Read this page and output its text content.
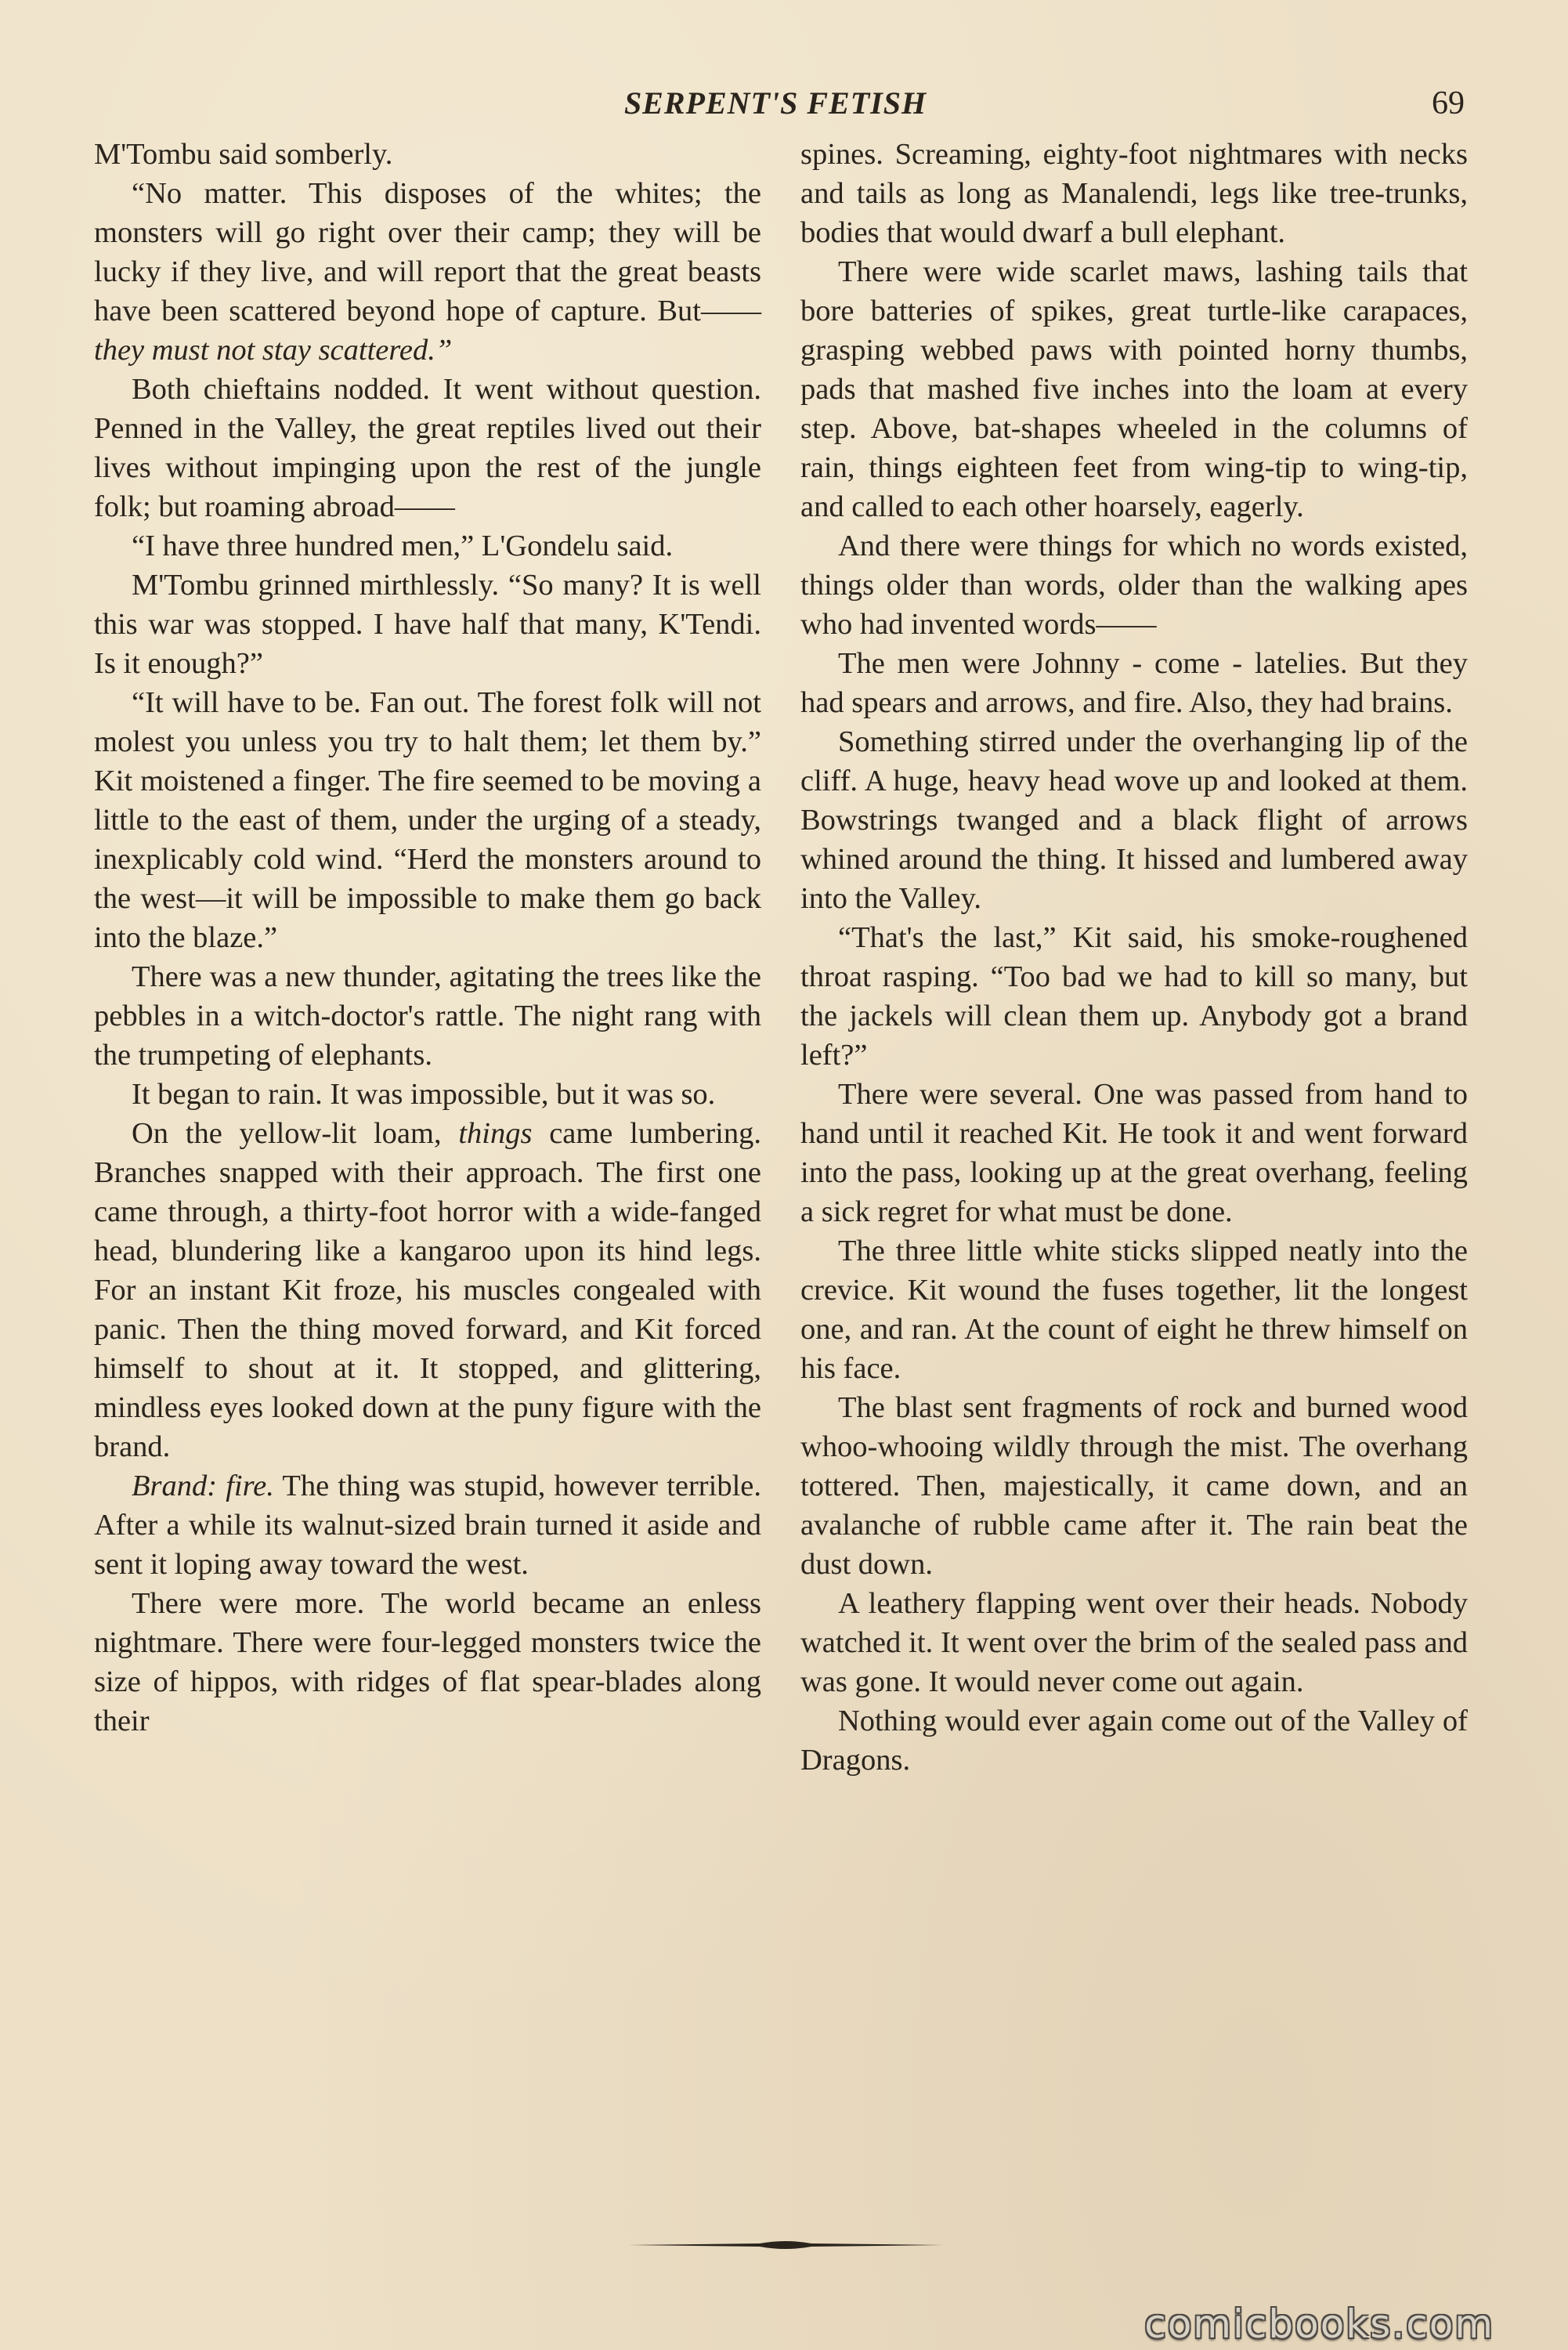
SERPENT'S FETISH	69

M'Tombu said somberly.

“No matter. This disposes of the whites; the monsters will go right over their camp; they will be lucky if they live, and will report that the great beasts have been scattered beyond hope of capture. But——they must not stay scattered.”

Both chieftains nodded. It went without question. Penned in the Valley, the great reptiles lived out their lives without impinging upon the rest of the jungle folk; but roaming abroad——

“I have three hundred men,” L'Gondelu said.

M'Tombu grinned mirthlessly. “So many? It is well this war was stopped. I have half that many, K'Tendi. Is it enough?”

“It will have to be. Fan out. The forest folk will not molest you unless you try to halt them; let them by.” Kit moistened a finger. The fire seemed to be moving a little to the east of them, under the urging of a steady, inexplicably cold wind. “Herd the monsters around to the west—it will be impossible to make them go back into the blaze.”

There was a new thunder, agitating the trees like the pebbles in a witch-doctor's rattle. The night rang with the trumpeting of elephants.

It began to rain. It was impossible, but it was so.

On the yellow-lit loam, things came lumbering. Branches snapped with their approach. The first one came through, a thirty-foot horror with a wide-fanged head, blundering like a kangaroo upon its hind legs. For an instant Kit froze, his muscles congealed with panic. Then the thing moved forward, and Kit forced himself to shout at it. It stopped, and glittering, mindless eyes looked down at the puny figure with the brand.

Brand: fire. The thing was stupid, however terrible. After a while its walnut-sized brain turned it aside and sent it loping away toward the west.

There were more. The world became an enless nightmare. There were four-legged monsters twice the size of hippos, with ridges of flat spear-blades along their

spines. Screaming, eighty-foot nightmares with necks and tails as long as Manalendi, legs like tree-trunks, bodies that would dwarf a bull elephant.

There were wide scarlet maws, lashing tails that bore batteries of spikes, great turtle-like carapaces, grasping webbed paws with pointed horny thumbs, pads that mashed five inches into the loam at every step. Above, bat-shapes wheeled in the columns of rain, things eighteen feet from wing-tip to wing-tip, and called to each other hoarsely, eagerly.

And there were things for which no words existed, things older than words, older than the walking apes who had invented words——

The men were Johnny - come - latelies. But they had spears and arrows, and fire. Also, they had brains.

Something stirred under the overhanging lip of the cliff. A huge, heavy head wove up and looked at them. Bowstrings twanged and a black flight of arrows whined around the thing. It hissed and lumbered away into the Valley.

“That's the last,” Kit said, his smoke-roughened throat rasping. “Too bad we had to kill so many, but the jackels will clean them up. Anybody got a brand left?”

There were several. One was passed from hand to hand until it reached Kit. He took it and went forward into the pass, looking up at the great overhang, feeling a sick regret for what must be done.

The three little white sticks slipped neatly into the crevice. Kit wound the fuses together, lit the longest one, and ran. At the count of eight he threw himself on his face.

The blast sent fragments of rock and burned wood whoo-whooing wildly through the mist. The overhang tottered. Then, majestically, it came down, and an avalanche of rubble came after it. The rain beat the dust down.

A leathery flapping went over their heads. Nobody watched it. It went over the brim of the sealed pass and was gone. It would never come out again.

Nothing would ever again come out of the Valley of Dragons.

comicbooks.com
